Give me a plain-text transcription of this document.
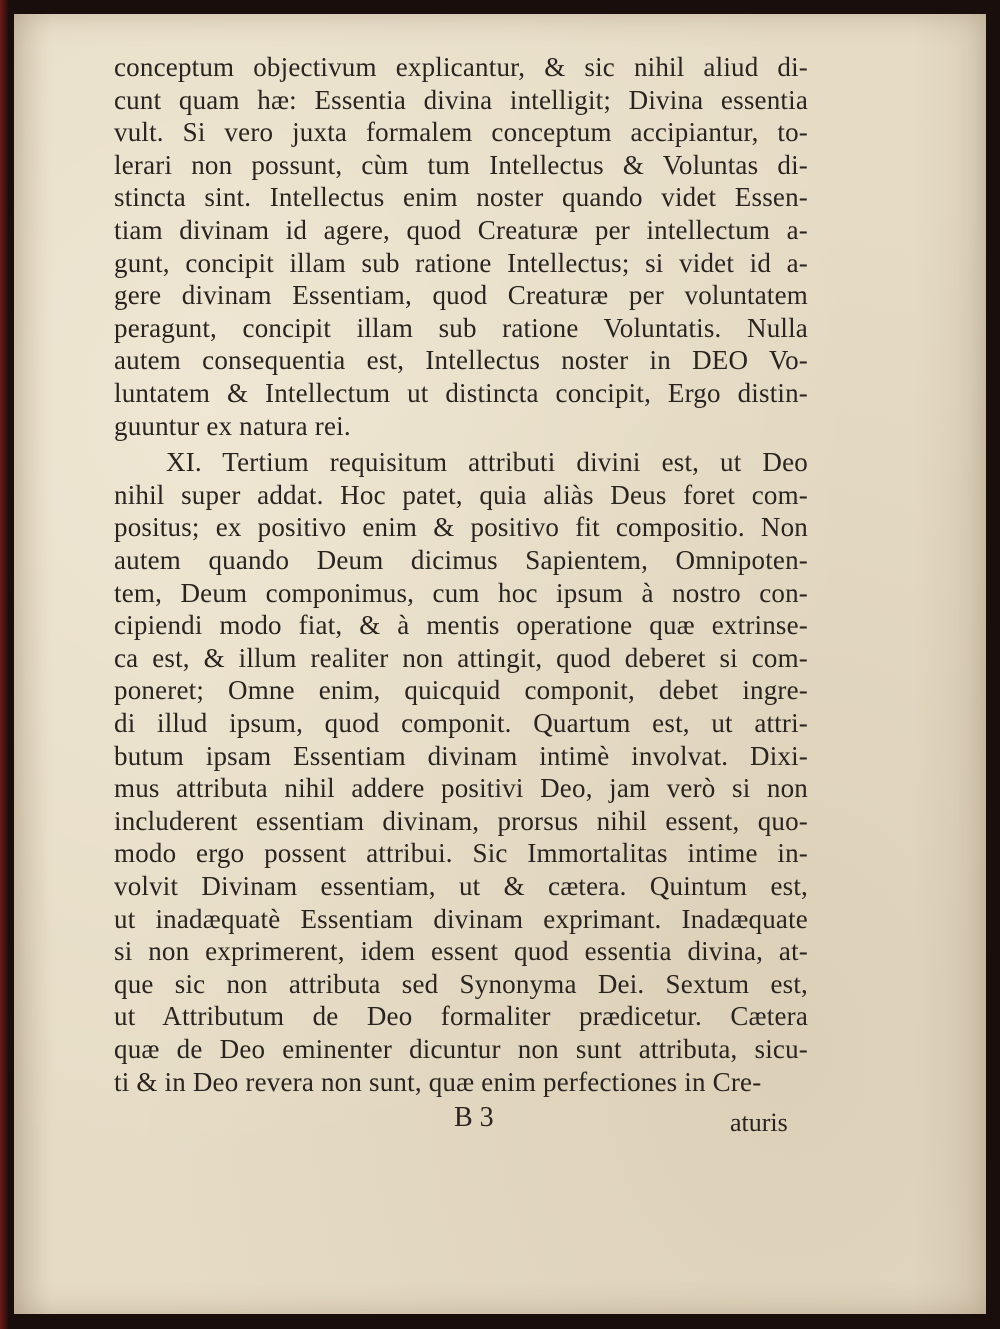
conceptum objectivum explicantur, & sic nihil aliud di-
cunt quam hæ: Essentia divina intelligit; Divina essentia
vult. Si vero juxta formalem conceptum accipiantur, to-
lerari non possunt, cùm tum Intellectus & Voluntas di-
stincta sint. Intellectus enim noster quando videt Essen-
tiam divinam id agere, quod Creaturæ per intellectum a-
gunt, concipit illam sub ratione Intellectus; si videt id a-
gere divinam Essentiam, quod Creaturæ per voluntatem
peragunt, concipit illam sub ratione Voluntatis. Nulla
autem consequentia est, Intellectus noster in DEO Vo-
luntatem & Intellectum ut distincta concipit, Ergo distin-
guuntur ex natura rei.
XI. Tertium requisitum attributi divini est, ut Deo
nihil super addat. Hoc patet, quia aliàs Deus foret com-
positus; ex positivo enim & positivo fit compositio. Non
autem quando Deum dicimus Sapientem, Omnipoten-
tem, Deum componimus, cum hoc ipsum à nostro con-
cipiendi modo fiat, & à mentis operatione quæ extrinse-
ca est, & illum realiter non attingit, quod deberet si com-
poneret; Omne enim, quicquid componit, debet ingre-
di illud ipsum, quod componit. Quartum est, ut attri-
butum ipsam Essentiam divinam intimè involvat. Dixi-
mus attributa nihil addere positivi Deo, jam verò si non
includerent essentiam divinam, prorsus nihil essent, quo-
modo ergo possent attribui. Sic Immortalitas intime in-
volvit Divinam essentiam, ut & cætera. Quintum est,
ut inadæquatè Essentiam divinam exprimant. Inadæquate
si non exprimerent, idem essent quod essentia divina, at-
que sic non attributa sed Synonyma Dei. Sextum est,
ut Attributum de Deo formaliter prædicetur. Cætera
quæ de Deo eminenter dicuntur non sunt attributa, sicu-
ti & in Deo revera non sunt, quæ enim perfectiones in Cre-
B 3	aturis
